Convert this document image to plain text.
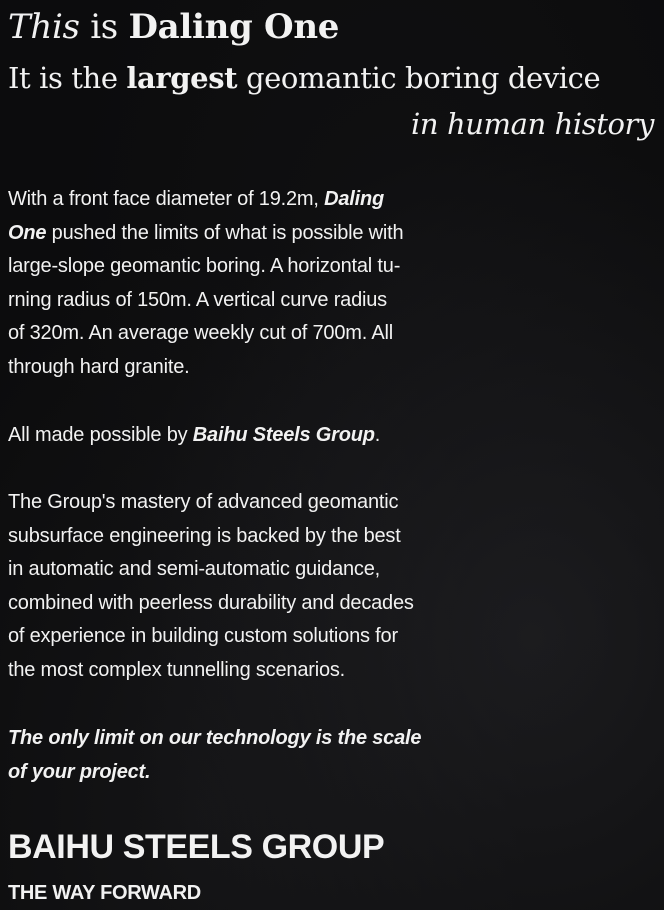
This is Daling One
It is the largest geomantic boring device
in human history
With a front face diameter of 19.2m, Daling
One pushed the limits of what is possible with
large-slope geomantic boring. A horizontal tu-
rning radius of 150m. A vertical curve radius
of 320m. An average weekly cut of 700m. All
through hard granite.
All made possible by Baihu Steels Group.
The Group's mastery of advanced geomantic
subsurface engineering is backed by the best
in automatic and semi-automatic guidance,
combined with peerless durability and decades
of experience in building custom solutions for
the most complex tunnelling scenarios.
The only limit on our technology is the scale
of your project.
BAIHU STEELS GROUP
THE WAY FORWARD
